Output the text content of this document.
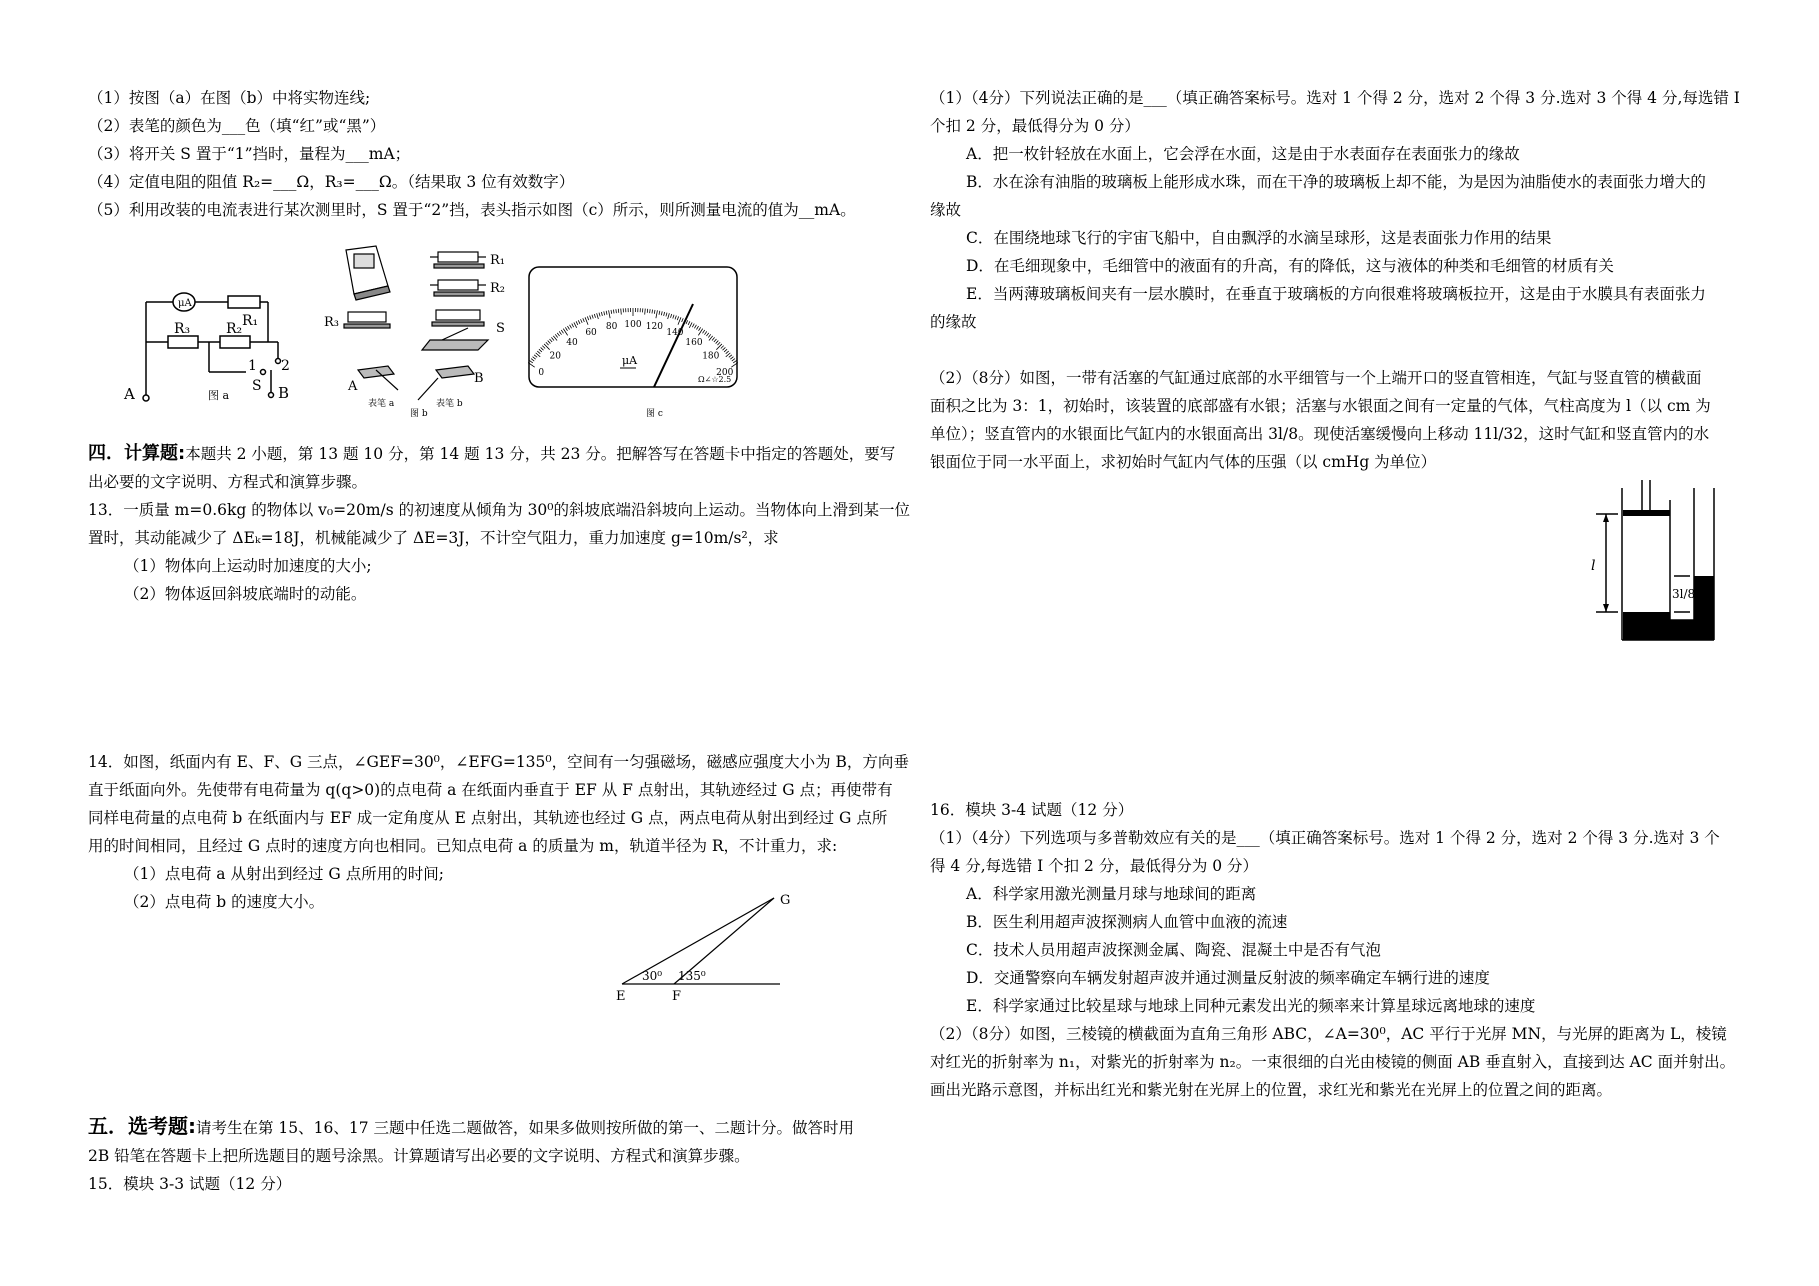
（1）按图（a）在图（b）中将实物连线;
（2）表笔的颜色为___色（填“红”或“黑”）
（3）将开关 S 置于“1”挡时，量程为___mA；
（4）定值电阻的阻值 R₂=___Ω，R₃=___Ω。（结果取 3 位有效数字）
（5）利用改装的电流表进行某次测里时，S 置于“2”挡，表头指示如图（c）所示，则所测量电流的值为__mA。
μA
R₁
R₃	R₂
1 2
S B
A	图 a
R₁
R₂
R₃	S
A
B
表笔 a	表笔 b
图 b
0
20
40
60
80 100 120
140
160
180
200
μA
Ω∠☆2.5
图 c
四．计算题:本题共 2 小题，第 13 题 10 分，第 14 题 13 分，共 23 分。把解答写在答题卡中指定的答题处，要写
出必要的文字说明、方程式和演算步骤。
13．一质量 m=0.6kg 的物体以 v₀=20m/s 的初速度从倾角为 30⁰的斜坡底端沿斜坡向上运动。当物体向上滑到某一位
置时，其动能减少了 ΔEₖ=18J，机械能减少了 ΔE=3J，不计空气阻力，重力加速度 g=10m/s²，求
（1）物体向上运动时加速度的大小;
（2）物体返回斜坡底端时的动能。
14．如图，纸面内有 E、F、G 三点，∠GEF=30⁰，∠EFG=135⁰，空间有一匀强磁场，磁感应强度大小为 B，方向垂
直于纸面向外。先使带有电荷量为 q(q>0)的点电荷 a 在纸面内垂直于 EF 从 F 点射出，其轨迹经过 G 点；再使带有
同样电荷量的点电荷 b 在纸面内与 EF 成一定角度从 E 点射出，其轨迹也经过 G 点，两点电荷从射出到经过 G 点所
用的时间相同，且经过 G 点时的速度方向也相同。已知点电荷 a 的质量为 m，轨道半径为 R，不计重力，求:
（1）点电荷 a 从射出到经过 G 点所用的时间;
（2）点电荷 b 的速度大小。	G
E	F
30⁰ 135⁰
五．选考题:请考生在第 15、16、17 三题中任选二题做答，如果多做则按所做的第一、二题计分。做答时用
2B 铅笔在答题卡上把所选题目的题号涂黑。计算题请写出必要的文字说明、方程式和演算步骤。
15．模块 3-3 试题（12 分）
（1）（4分）下列说法正确的是___（填正确答案标号。选对 1 个得 2 分，选对 2 个得 3 分.选对 3 个得 4 分,每选错 I
个扣 2 分，最低得分为 0 分）
A．把一枚针轻放在水面上，它会浮在水面，这是由于水表面存在表面张力的缘故
B．水在涂有油脂的玻璃板上能形成水珠，而在干净的玻璃板上却不能，为是因为油脂使水的表面张力增大的
缘故
C．在围绕地球飞行的宇宙飞船中，自由飘浮的水滴呈球形，这是表面张力作用的结果
D．在毛细现象中，毛细管中的液面有的升高，有的降低，这与液体的种类和毛细管的材质有关
E．当两薄玻璃板间夹有一层水膜时，在垂直于玻璃板的方向很难将玻璃板拉开，这是由于水膜具有表面张力
的缘故
（2）（8分）如图，一带有活塞的气缸通过底部的水平细管与一个上端开口的竖直管相连，气缸与竖直管的横截面
面积之比为 3：1，初始时，该装置的底部盛有水银；活塞与水银面之间有一定量的气体，气柱高度为 l（以 cm 为
单位）；竖直管内的水银面比气缸内的水银面高出 3l/8。现使活塞缓慢向上移动 11l/32，这时气缸和竖直管内的水
银面位于同一水平面上，求初始时气缸内气体的压强（以 cmHg 为单位）
l
3l/8
16．模块 3-4 试题（12 分）
（1）（4分）下列选项与多普勒效应有关的是___（填正确答案标号。选对 1 个得 2 分，选对 2 个得 3 分.选对 3 个
得 4 分,每选错 I 个扣 2 分，最低得分为 0 分）
A．科学家用激光测量月球与地球间的距离
B．医生利用超声波探测病人血管中血液的流速
C．技术人员用超声波探测金属、陶瓷、混凝土中是否有气泡
D．交通警察向车辆发射超声波并通过测量反射波的频率确定车辆行进的速度
E．科学家通过比较星球与地球上同种元素发出光的频率来计算星球远离地球的速度
（2）（8分）如图，三棱镜的横截面为直角三角形 ABC，∠A=30⁰，AC 平行于光屏 MN，与光屏的距离为 L，棱镜
对红光的折射率为 n₁，对紫光的折射率为 n₂。一束很细的白光由棱镜的侧面 AB 垂直射入，直接到达 AC 面并射出。
画出光路示意图，并标出红光和紫光射在光屏上的位置，求红光和紫光在光屏上的位置之间的距离。
